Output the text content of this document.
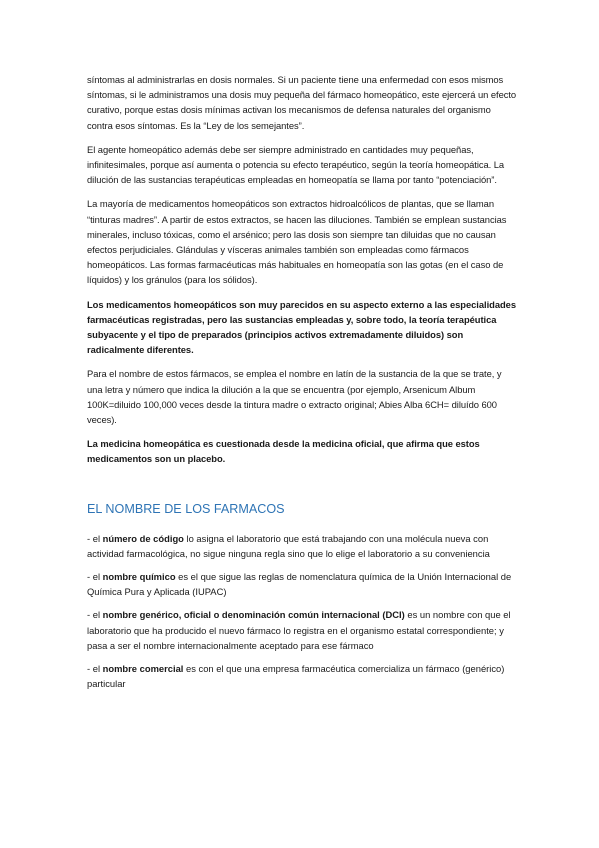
síntomas al administrarlas en dosis normales. Si un paciente tiene una enfermedad con esos mismos síntomas, si le administramos una dosis muy pequeña del fármaco homeopático, este ejercerá un efecto curativo, porque estas dosis mínimas activan los mecanismos de defensa naturales del organismo contra esos síntomas. Es la “Ley de los semejantes”.

El agente homeopático además debe ser siempre administrado en cantidades muy pequeñas, infinitesimales, porque así aumenta o potencia su efecto terapéutico, según la teoría homeopática. La dilución de las sustancias terapéuticas empleadas en homeopatía se llama por tanto “potenciación”.

La mayoría de medicamentos homeopáticos son extractos hidroalcólicos de plantas, que se llaman “tinturas madres”. A partir de estos extractos, se hacen las diluciones. También se emplean sustancias minerales, incluso tóxicas, como el arsénico; pero las dosis son siempre tan diluidas que no causan efectos perjudiciales. Glándulas y vísceras animales también son empleadas como fármacos homeopáticos. Las formas farmacéuticas más habituales en homeopatía son las gotas (en el caso de líquidos) y los gránulos (para los sólidos).

Los medicamentos homeopáticos son muy parecidos en su aspecto externo a las especialidades farmacéuticas registradas, pero las sustancias empleadas y, sobre todo, la teoría terapéutica subyacente y el tipo de preparados (principios activos extremadamente diluidos) son radicalmente diferentes.

Para el nombre de estos fármacos, se emplea el nombre en latín de la sustancia de la que se trate, y una letra y número que indica la dilución a la que se encuentra (por ejemplo, Arsenicum Album 100K=diluido 100,000 veces desde la tintura madre o extracto original; Abies Alba 6CH= diluído 600 veces).

La medicina homeopática es cuestionada desde la medicina oficial, que afirma que estos medicamentos son un placebo.

EL NOMBRE DE LOS FARMACOS

- el número de código lo asigna el laboratorio que está trabajando con una molécula nueva con actividad farmacológica, no sigue ninguna regla sino que lo elige el laboratorio a su conveniencia

- el nombre químico es el que sigue las reglas de nomenclatura química de la Unión Internacional de Química Pura y Aplicada (IUPAC)

- el nombre genérico, oficial o denominación común internacional (DCI) es un nombre con que el laboratorio que ha producido el nuevo fármaco lo registra en el organismo estatal correspondiente; y pasa a ser el nombre internacionalmente aceptado para ese fármaco

- el nombre comercial es con el que una empresa farmacéutica comercializa un fármaco (genérico) particular
